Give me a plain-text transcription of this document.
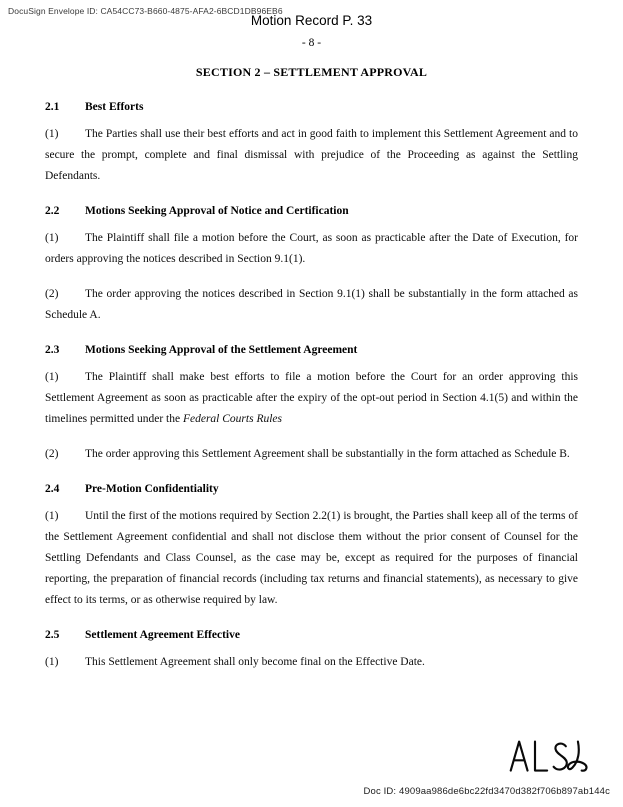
DocuSign Envelope ID: CA54CC73-B660-4875-AFA2-6BCD1DB96EB6
Motion Record P. 33
- 8 -
SECTION 2 – SETTLEMENT APPROVAL
2.1 Best Efforts

(1) The Parties shall use their best efforts and act in good faith to implement this Settlement Agreement and to secure the prompt, complete and final dismissal with prejudice of the Proceeding as against the Settling Defendants.

2.2 Motions Seeking Approval of Notice and Certification

(1) The Plaintiff shall file a motion before the Court, as soon as practicable after the Date of Execution, for orders approving the notices described in Section 9.1(1).

(2) The order approving the notices described in Section 9.1(1) shall be substantially in the form attached as Schedule A.

2.3 Motions Seeking Approval of the Settlement Agreement

(1) The Plaintiff shall make best efforts to file a motion before the Court for an order approving this Settlement Agreement as soon as practicable after the expiry of the opt-out period in Section 4.1(5) and within the timelines permitted under the Federal Courts Rules

(2) The order approving this Settlement Agreement shall be substantially in the form attached as Schedule B.

2.4 Pre-Motion Confidentiality

(1) Until the first of the motions required by Section 2.2(1) is brought, the Parties shall keep all of the terms of the Settlement Agreement confidential and shall not disclose them without the prior consent of Counsel for the Settling Defendants and Class Counsel, as the case may be, except as required for the purposes of financial reporting, the preparation of financial records (including tax returns and financial statements), as necessary to give effect to its terms, or as otherwise required by law.

2.5 Settlement Agreement Effective

(1) This Settlement Agreement shall only become final on the Effective Date.

Doc ID: 4909aa986de6bc22fd3470d382f706b897ab144c
